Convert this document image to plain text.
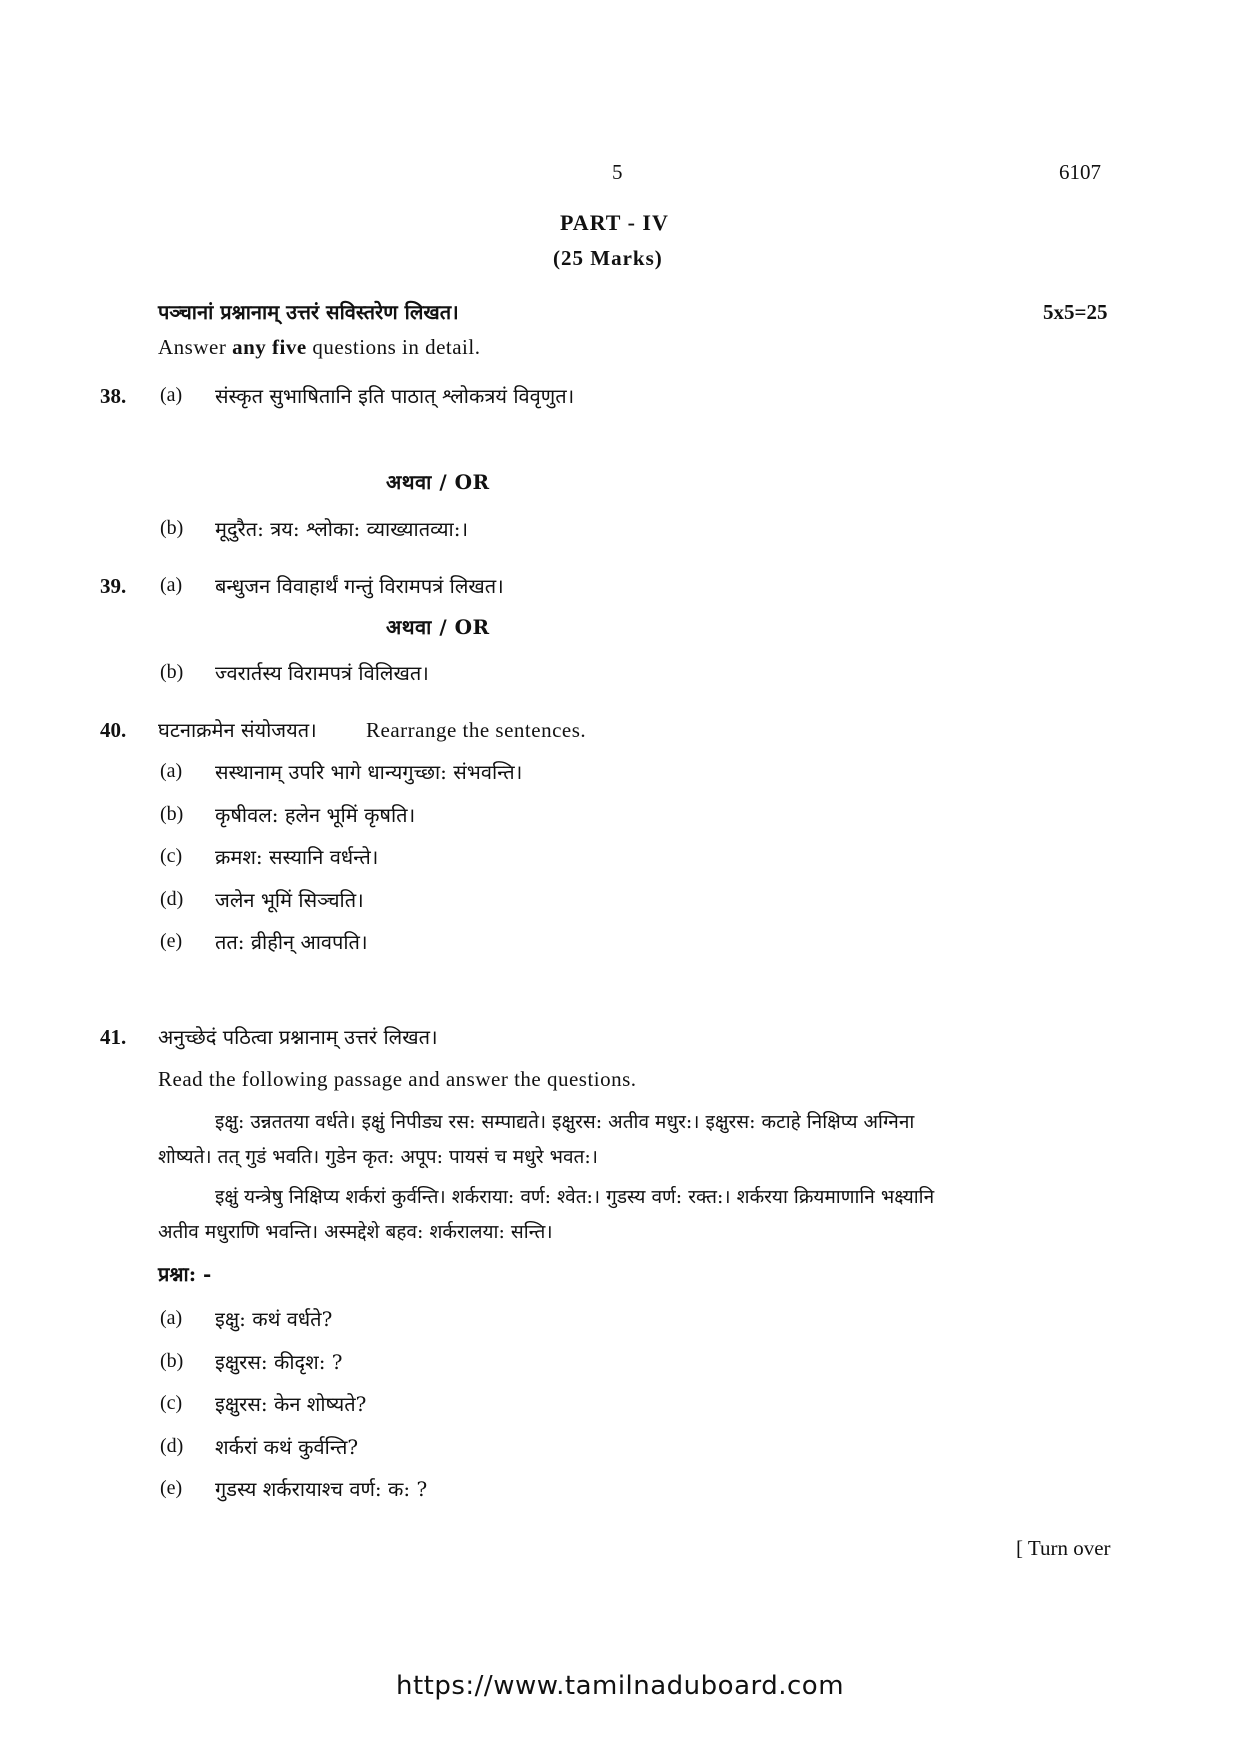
5	6107
PART - IV
(25 Marks)
पञ्चानां प्रश्नानाम् उत्तरं सविस्तरेण लिखत।	5x5=25
Answer any five questions in detail.
38. (a) संस्कृत सुभाषितानि इति पाठात् श्लोकत्रयं विवृणुत।
अथवा / OR
(b) मूदुरैत: त्रय: श्लोका: व्याख्यातव्या:।
39. (a) बन्धुजन विवाहार्थं गन्तुं विरामपत्रं लिखत।
अथवा / OR
(b) ज्वरार्तस्य विरामपत्रं विलिखत।
40. घटनाक्रमेन संयोजयत। Rearrange the sentences.
(a) सस्थानाम् उपरि भागे धान्यगुच्छा: संभवन्ति।
(b) कृषीवल: हलेन भूमिं कृषति।
(c) क्रमश: सस्यानि वर्धन्ते।
(d) जलेन भूमिं सिञ्चति।
(e) तत: व्रीहीन् आवपति।
41. अनुच्छेदं पठित्वा प्रश्नानाम् उत्तरं लिखत।
Read the following passage and answer the questions.
इक्षु: उन्नततया वर्धते। इक्षुं निपीड्य रस: सम्पाद्यते। इक्षुरस: अतीव मधुर:। इक्षुरस: कटाहे निक्षिप्य अग्निना
शोष्यते। तत् गुडं भवति। गुडेन कृत: अपूप: पायसं च मधुरे भवत:।
इक्षुं यन्त्रेषु निक्षिप्य शर्करां कुर्वन्ति। शर्कराया: वर्ण: श्वेत:। गुडस्य वर्ण: रक्त:। शर्करया क्रियमाणानि भक्ष्यानि
अतीव मधुराणि भवन्ति। अस्मद्देशे बहव: शर्करालया: सन्ति।
प्रश्ना: -
(a) इक्षु: कथं वर्धते?
(b) इक्षुरस: कीदृश: ?
(c) इक्षुरस: केन शोष्यते?
(d) शर्करां कथं कुर्वन्ति?
(e) गुडस्य शर्करायाश्च वर्ण: क: ?
[ Turn over
https://www.tamilnaduboard.com
